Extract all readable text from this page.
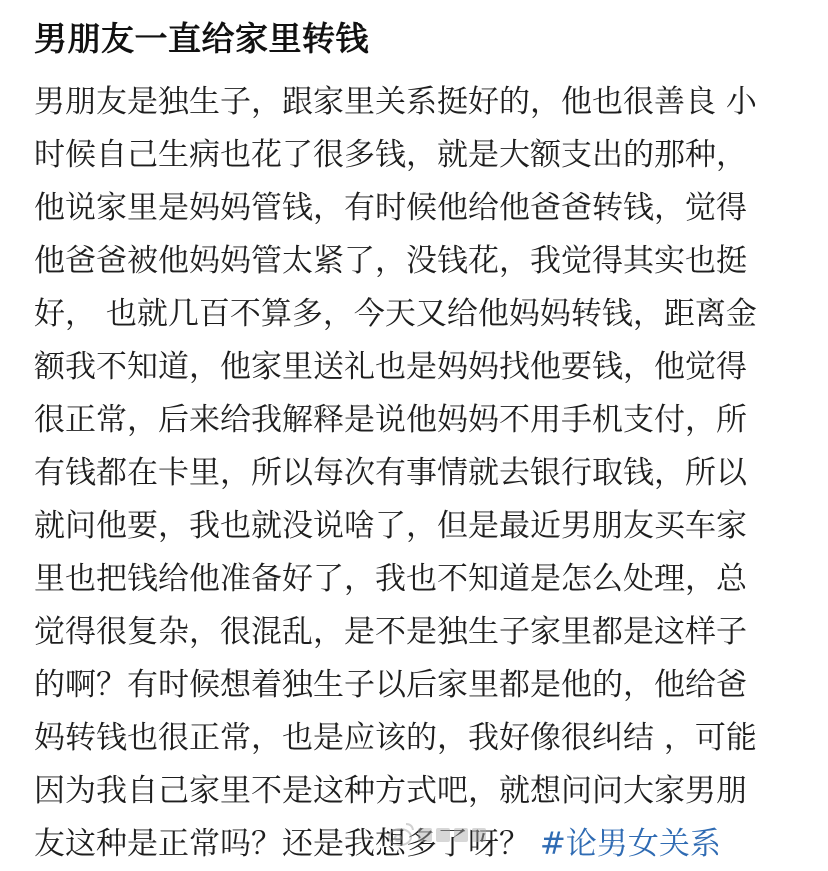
男朋友一直给家里转钱
男朋友是独生子，跟家里关系挺好的，他也很善良 小
时候自己生病也花了很多钱，就是大额支出的那种，
他说家里是妈妈管钱，有时候他给他爸爸转钱，觉得
他爸爸被他妈妈管太紧了，没钱花，我觉得其实也挺
好， 也就几百不算多，今天又给他妈妈转钱，距离金
额我不知道，他家里送礼也是妈妈找他要钱，他觉得
很正常，后来给我解释是说他妈妈不用手机支付，所
有钱都在卡里，所以每次有事情就去银行取钱，所以
就问他要，我也就没说啥了，但是最近男朋友买车家
里也把钱给他准备好了，我也不知道是怎么处理，总
觉得很复杂，很混乱，是不是独生子家里都是这样子
的啊？有时候想着独生子以后家里都是他的，他给爸
妈转钱也很正常，也是应该的，我好像很纠结 ，可能
因为我自己家里不是这种方式吧，就想问问大家男朋
友这种是正常吗？还是我想多了呀？ #论男女关系
